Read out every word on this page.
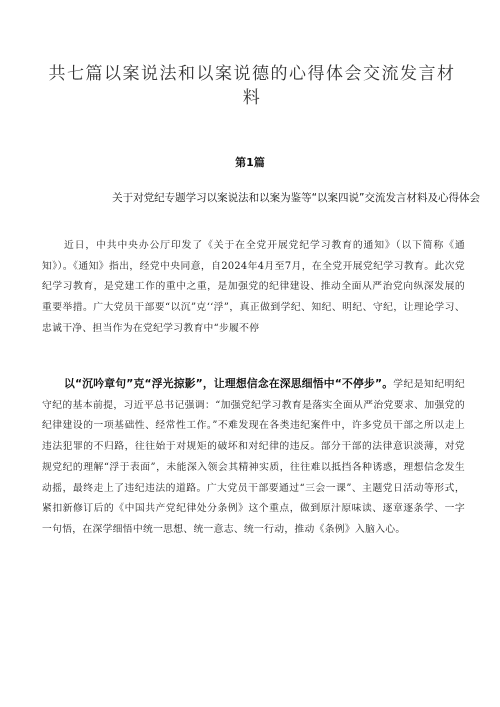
共七篇以案说法和以案说德的心得体会交流发言材料
第1篇
关于对党纪专题学习以案说法和以案为鉴等“以案四说”交流发言材料及心得体会
近日，中共中央办公厅印发了《关于在全党开展党纪学习教育的通知》（以下简称《通知》）。《通知》指出，经党中央同意，自2024年4月至7月，在全党开展党纪学习教育。此次党纪学习教育，是党建工作的重中之重，是加强党的纪律建设、推动全面从严治党向纵深发展的重要举措。广大党员干部要“以沉”克‘‘浮”，真正做到学纪、知纪、明纪、守纪，让理论学习、忠诚干净、担当作为在党纪学习教育中“步履不停
以“沉吟章句”克“浮光掠影”，让理想信念在深思细悟中“不停步”。学纪是知纪明纪守纪的基本前提，习近平总书记强调：“加强党纪学习教育是落实全面从严治党要求、加强党的纪律建设的一项基础性、经常性工作。”不难发现在各类违纪案件中，许多党员干部之所以走上违法犯罪的不归路，往往始于对规矩的破坏和对纪律的违反。部分干部的法律意识淡薄，对党规党纪的理解“浮于表面”，未能深入领会其精神实质，往往难以抵挡各种诱惑，理想信念发生动摇，最终走上了违纪违法的道路。广大党员干部要通过“三会一课”、主题党日活动等形式，紧扣新修订后的《中国共产党纪律处分条例》这个重点，做到原汁原味读、逐章逐条学、一字一句悟，在深学细悟中统一思想、统一意志、统一行动，推动《条例》入脑入心。
